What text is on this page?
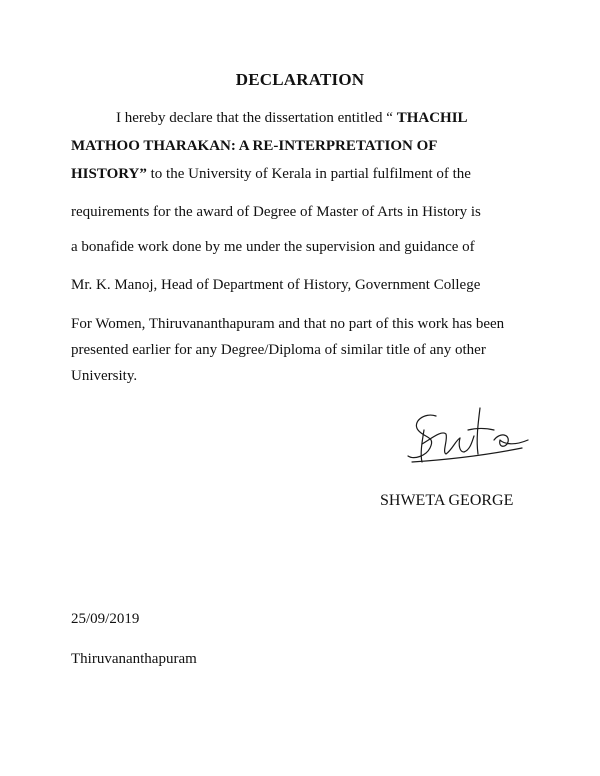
DECLARATION
I hereby declare that the dissertation entitled “ THACHIL
MATHOO THARAKAN: A RE-INTERPRETATION OF
HISTORY” to the University of Kerala in partial fulfilment of the
requirements for the award of Degree of Master of Arts in History is
a bonafide work done by me under the supervision and guidance of
Mr. K. Manoj, Head of Department of History, Government College
For Women, Thiruvananthapuram and that no part of this work has been
presented earlier for any Degree/Diploma of similar title of any other
University.
SHWETA GEORGE
25/09/2019
Thiruvananthapuram
